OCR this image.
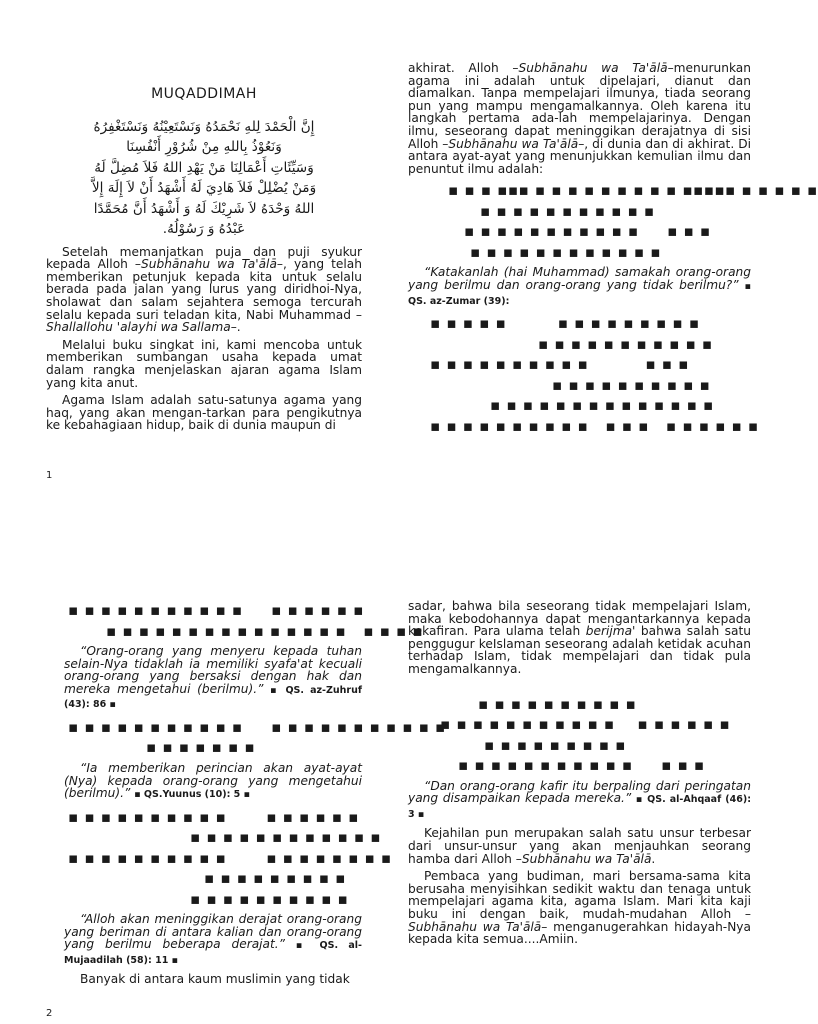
MUQADDIMAH
إِنَّ الْحَمْدَ لِلهِ نَحْمَدُهُ وَنَسْتَعِيْنُهُ وَنَسْتَغْفِرُهُ
وَنَعُوْذُ بِاللهِ مِنْ شُرُوْرِ أَنْفُسِنَا
وَسَيِّئَاتِ أَعْمَالِنَا مَنْ يَهْدِ اللهُ فَلاَ مُضِلَّ لَهُ
وَمَنْ يُضْلِلْ فَلاَ هَادِيَ لَهُ أَشْهَدُ أَنْ لاَ إِلَهَ إِلاَّ
اللهُ وَحْدَهُ لاَ شَرِيْكَ لَهُ وَ أَشْهَدُ أَنَّ مُحَمَّدًا
عَبْدُهُ وَ رَسُوْلُهُ.

Setelah memanjatkan puja dan puji syukur kepada Alloh –Subhānahu wa Ta'ālā–, yang telah memberikan petunjuk kepada kita untuk selalu berada pada jalan yang lurus yang diridhoi-Nya, sholawat dan salam sejahtera semoga tercurah selalu kepada suri teladan kita, Nabi Muhammad –Shallallohu 'alayhi wa Sallama–.

Melalui buku singkat ini, kami mencoba untuk memberikan sumbangan usaha kepada umat dalam rangka menjelaskan ajaran agama Islam yang kita anut.

Agama Islam adalah satu-satunya agama yang haq, yang akan mengan-tarkan para pengikutnya ke kebahagiaan hidup, baik di dunia maupun di

1

akhirat. Alloh –Subhānahu wa Ta'ālā–menurunkan agama ini adalah untuk dipelajari, dianut dan diamalkan. Tanpa mempelajari ilmunya, tiada seorang pun yang mampu mengamalkannya. Oleh karena itu langkah pertama ada-lah mempelajarinya. Dengan ilmu, seseorang dapat meninggikan derajatnya di sisi Alloh –Subhānahu wa Ta'ālā–, di dunia dan di akhirat. Di antara ayat-ayat yang menunjukkan kemulian ilmu dan penuntut ilmu adalah:

▪ ▪ ▪ ▪▪▪ ▪ ▪ ▪ ▪ ▪ ▪ ▪ ▪ ▪ ▪▪▪▪▪ ▪ ▪ ▪ ▪ ▪
▪ ▪ ▪ ▪ ▪ ▪ ▪ ▪ ▪ ▪ ▪
▪ ▪ ▪ ▪ ▪ ▪ ▪ ▪ ▪ ▪ ▪     ▪ ▪ ▪
▪ ▪ ▪ ▪ ▪ ▪ ▪ ▪ ▪ ▪ ▪ ▪

“Katakanlah (hai Muhammad) samakah orang-orang yang berilmu dan orang-orang yang tidak berilmu?” ▪ QS. az-Zumar (39):

▪ ▪ ▪ ▪ ▪         ▪ ▪ ▪ ▪ ▪ ▪ ▪ ▪ ▪
▪ ▪ ▪ ▪ ▪ ▪ ▪ ▪ ▪ ▪ ▪
▪ ▪ ▪ ▪ ▪ ▪ ▪ ▪ ▪ ▪          ▪ ▪ ▪
▪ ▪ ▪ ▪ ▪ ▪ ▪ ▪ ▪ ▪
▪ ▪ ▪ ▪ ▪ ▪ ▪ ▪ ▪ ▪ ▪ ▪ ▪ ▪
▪ ▪ ▪ ▪ ▪ ▪ ▪ ▪ ▪ ▪   ▪ ▪ ▪   ▪ ▪ ▪ ▪ ▪ ▪
▪ ▪ ▪ ▪ ▪ ▪ ▪ ▪ ▪ ▪ ▪     ▪ ▪ ▪ ▪ ▪ ▪
▪ ▪ ▪ ▪ ▪ ▪ ▪ ▪ ▪ ▪ ▪ ▪ ▪ ▪ ▪   ▪ ▪ ▪ ▪

“Orang-orang yang menyeru kepada tuhan selain-Nya tidaklah ia memiliki syafa'at kecuali orang-orang yang bersaksi dengan hak dan mereka mengetahui (berilmu).” ▪ QS. az-Zuhruf (43): 86 ▪

▪ ▪ ▪ ▪ ▪ ▪ ▪ ▪ ▪ ▪ ▪     ▪ ▪ ▪ ▪ ▪ ▪ ▪ ▪ ▪ ▪ ▪
▪ ▪ ▪ ▪ ▪ ▪ ▪

“Ia memberikan perincian akan ayat-ayat (Nya) kepada orang-orang yang mengetahui (berilmu).” ▪ QS.Yuunus (10): 5 ▪

▪ ▪ ▪ ▪ ▪ ▪ ▪ ▪ ▪ ▪       ▪ ▪ ▪ ▪ ▪ ▪
▪ ▪ ▪ ▪ ▪ ▪ ▪ ▪ ▪ ▪ ▪ ▪
▪ ▪ ▪ ▪ ▪ ▪ ▪ ▪ ▪ ▪       ▪ ▪ ▪ ▪ ▪ ▪ ▪ ▪
▪ ▪ ▪ ▪ ▪ ▪ ▪ ▪ ▪
▪ ▪ ▪ ▪ ▪ ▪ ▪ ▪ ▪ ▪

“Alloh akan meninggikan derajat orang-orang yang beriman di antara kalian dan orang-orang yang berilmu beberapa derajat.” ▪ QS. al-Mujaadilah (58): 11 ▪

Banyak di antara kaum muslimin yang tidak

2

sadar, bahwa bila seseorang tidak mempelajari Islam, maka kebodohannya dapat mengantarkannya kepada kekafiran. Para ulama telah berijma' bahwa salah satu penggugur keIslaman seseorang adalah ketidak acuhan terhadap Islam, tidak mempelajari dan tidak pula mengamalkannya.

▪ ▪ ▪ ▪ ▪ ▪ ▪ ▪ ▪ ▪
▪ ▪ ▪ ▪ ▪ ▪ ▪ ▪ ▪ ▪ ▪    ▪ ▪ ▪ ▪ ▪ ▪
▪ ▪ ▪ ▪ ▪ ▪ ▪ ▪ ▪
▪ ▪ ▪ ▪ ▪ ▪ ▪ ▪ ▪ ▪ ▪     ▪ ▪ ▪

“Dan orang-orang kafir itu berpaling dari peringatan yang disampaikan kepada mereka.” ▪ QS. al-Ahqaaf (46): 3 ▪

Kejahilan pun merupakan salah satu unsur terbesar dari unsur-unsur yang akan menjauhkan seorang hamba dari Alloh –Subhānahu wa Ta'ālā.

Pembaca yang budiman, mari bersama-sama kita berusaha menyisihkan sedikit waktu dan tenaga untuk mempelajari agama kita, agama Islam. Mari kita kaji buku ini dengan baik, mudah-mudahan Alloh –Subhānahu wa Ta'ālā– menganugerahkan hidayah-Nya kepada kita semua....Amiin.
